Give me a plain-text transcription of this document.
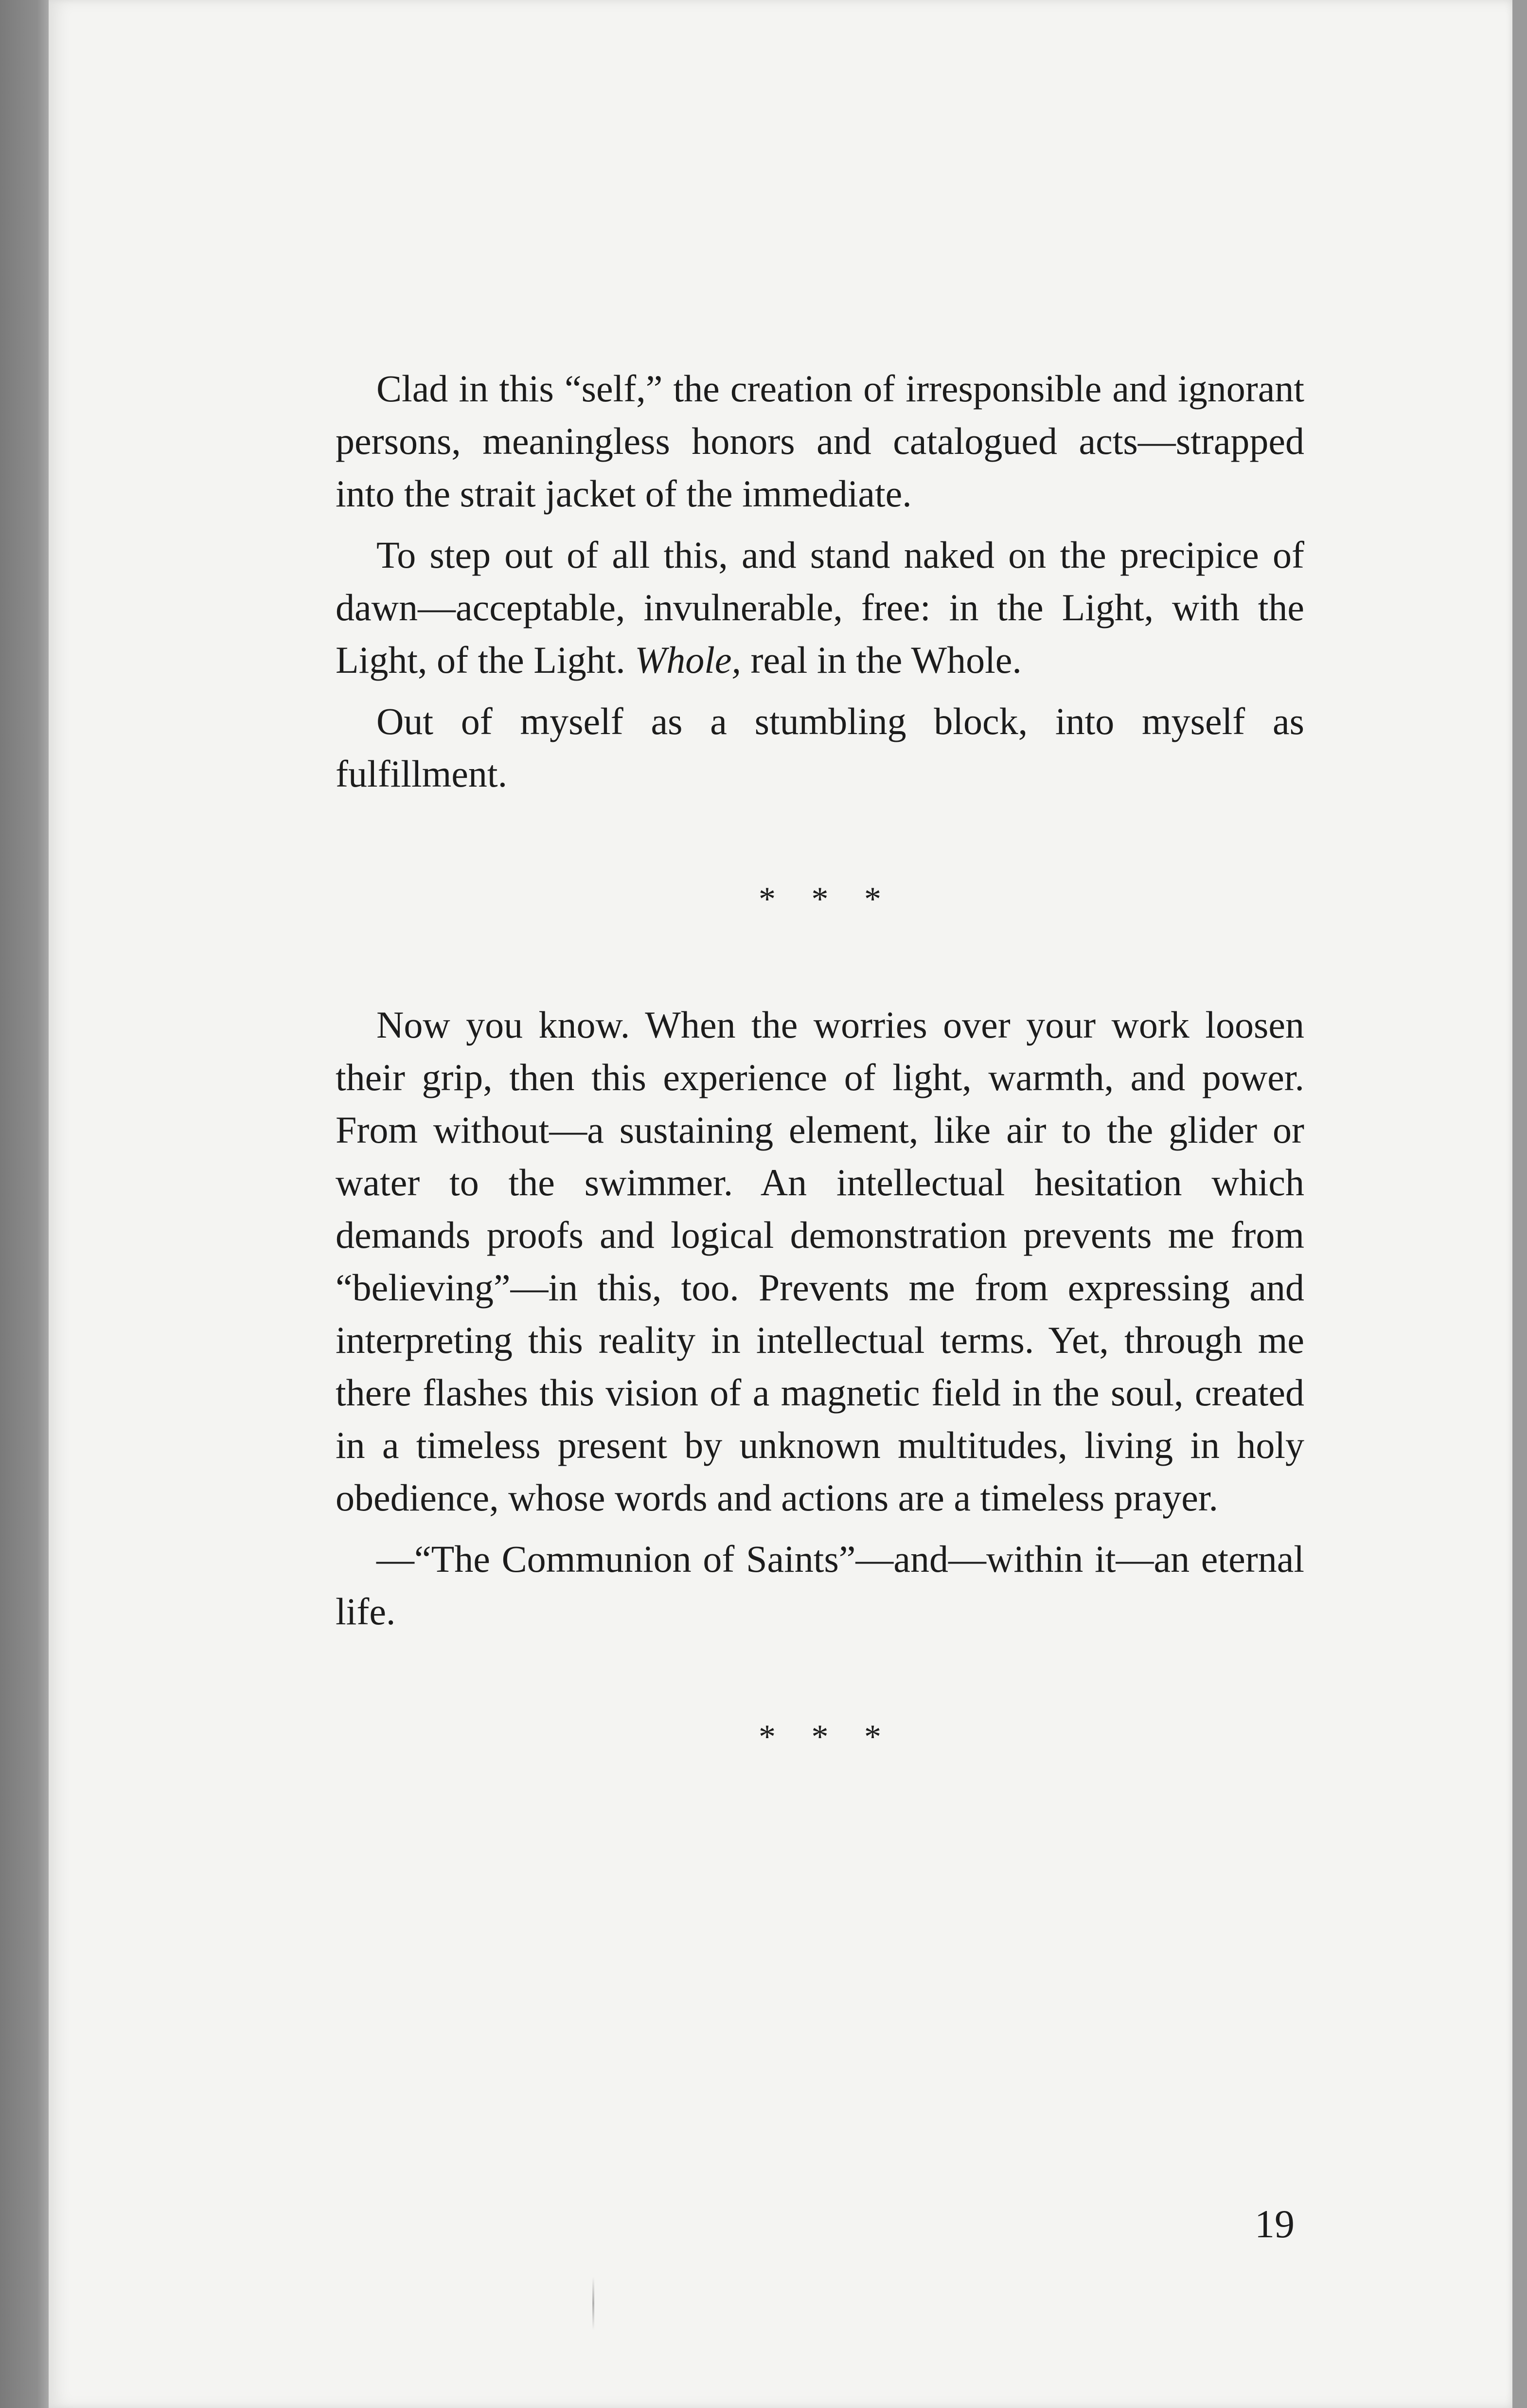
Clad in this “self,” the creation of irresponsible and ignorant persons, meaningless honors and catalogued acts—strapped into the strait jacket of the immediate.

To step out of all this, and stand naked on the precipice of dawn—acceptable, invulnerable, free: in the Light, with the Light, of the Light. Whole, real in the Whole.

Out of myself as a stumbling block, into myself as fulfillment.

* * *

Now you know. When the worries over your work loosen their grip, then this experience of light, warmth, and power. From without—a sustaining element, like air to the glider or water to the swimmer. An intellectual hesitation which demands proofs and logical demonstration prevents me from “believing”—in this, too. Prevents me from expressing and interpreting this reality in intellectual terms. Yet, through me there flashes this vision of a magnetic field in the soul, created in a timeless present by unknown multitudes, living in holy obedience, whose words and actions are a timeless prayer.

—“The Communion of Saints”—and—within it—an eternal life.

* * *
19
